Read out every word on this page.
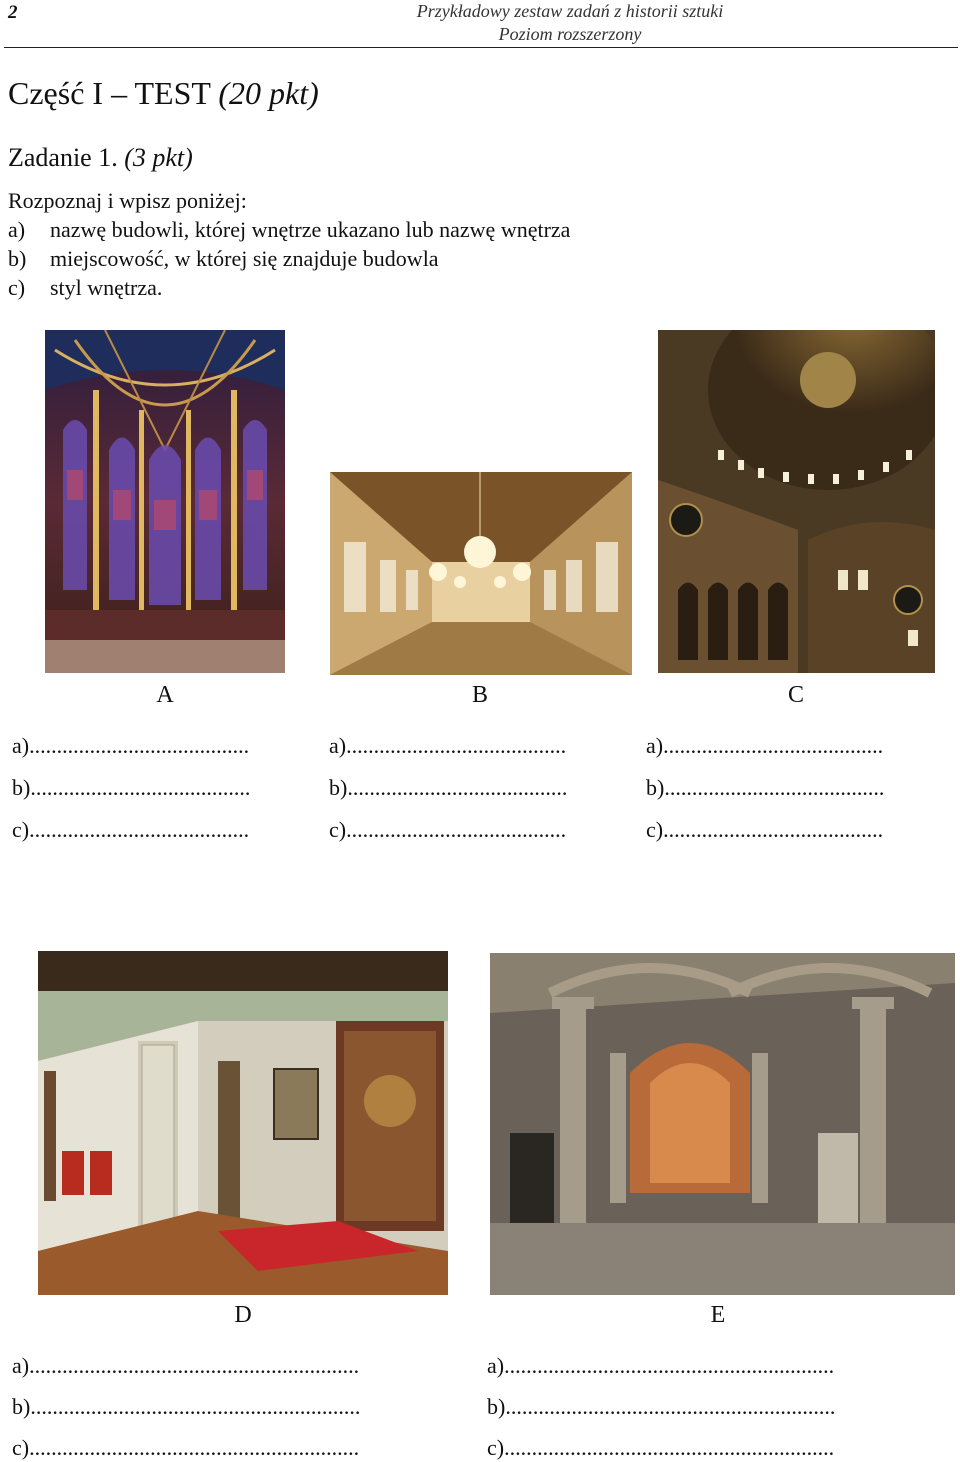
2	Przykładowy zestaw zadań z historii sztuki
Poziom rozszerzony
Część I – TEST (20 pkt)
Zadanie 1. (3 pkt)
Rozpoznaj i wpisz poniżej:
a) nazwę budowli, której wnętrze ukazano lub nazwę wnętrza
b) miejscowość, w której się znajduje budowla
c) styl wnętrza.
A	B	C
a)........................................
b)........................................
c)........................................
a)........................................
b)........................................
c)........................................
a)........................................
b)........................................
c)........................................
D	E
a)............................................................
b)............................................................
c)............................................................
a)............................................................
b)............................................................
c)............................................................
